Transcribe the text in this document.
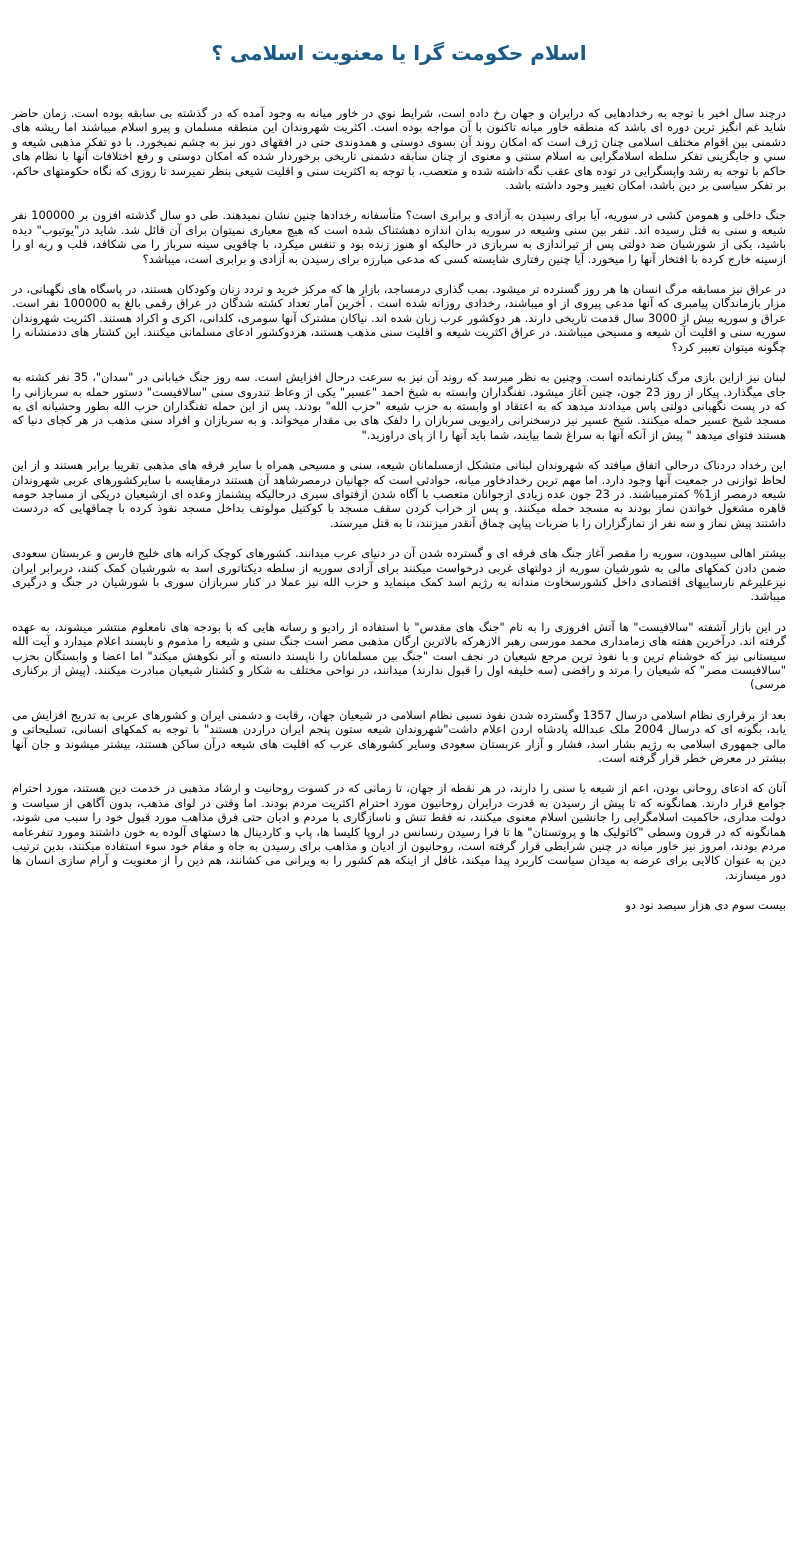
اسلام حکومت گرا یا معنویت اسلامی ؟

درچند سال اخیر با توجه به رخدادهایی که درایران و جهان رخ داده است، شرایط نوي در خاور میانه به وجود آمده که در گذشته بی سابقه بوده است. زمان حاضر شاید غم انگیز ترین دوره ای باشد که منطقه خاور میانه تاکنون با آن مواجه بوده است. اکثریت شهروندان این منطقه مسلمان و پیرو اسلام میباشند اما ریشه های دشمنی بین اقوام مختلف اسلامی چنان ژرف است که امکان روند آن بسوی دوستی و همدوندی حتی در افقهای دور نیز به چشم نمیخورد. با دو تفکر مذهبی شیعه و سني و جایگزینی تفکر سلطه اسلامگرایی به اسلام سنتی و معنوی از چنان سابقه دشمنی تاریخی برخوردار شده که امکان دوستی و رفع اختلافات آنها با نظام های حاکم با توجه به رشد واپسگرایی در توده های عقب نگه داشته شده و متعصب، با توجه به اکثریت سنی و اقلیت شیعی بنظر نمیرسد تا روزی که نگاه حکومتهای حاکم، بر تفکر سیاسی بر دین باشد، امکان تغییر وجود داشته باشد.

جنگ داخلی و همومن کشی در سوریه، آیا برای رسیدن به آزادی و برابری است؟ متأسفانه رخدادها چنین نشان نمیدهند. طی دو سال گذشته افزون بر 100000 نفر شیعه و سنی به قتل رسیده اند. تنفر بین سنی وشیعه در سوریه بدان اندازه دهشتناک شده است که هیچ معیاری نمیتوان برای آن قائل شد. شاید در"یوتیوب" دیده باشید، یکی از شورشیان ضد دولتی پس از تیراندازی به سربازی در حالیکه او هنوز زنده بود و تنفس میکرد، با چاقویی سینه سرباز را می شکافد، قلب و ریه او را ازسینه خارج کرده با افتخار آنها را میخورد. آیا چنین رفتاری شایسته کسی که مدعی مبارزه برای رسیدن به آزادی و برابری است، میباشد؟

در عراق نیز مسابقه مرگ انسان ها هر روز گسترده تر میشود. بمب گذاری درمساجد، بازار ها که مرکز خرید و تردد زنان وکودکان هستند، در پاسگاه های نگهبانی، در مزار بازماندگان پیامبری که آنها مدعی پیروی از او میباشند، رخدادی روزانه شده است . آخرین آمار تعداد کشته شدگان در عراق رقمی بالغ به 100000 نفر است. عراق و سوریه بیش از 3000 سال قدمت تاریخی دارند. هر دوکشور عرب زبان شده اند. نیاکان مشترک آنها سومری، کلدانی، اکری و اکراد هستند. اکثریت شهروندان سوریه سنی و اقلیت آن شیعه و مسیحی میباشند. در عراق اکثریت شیعه و اقلیت سنی مذهب هستند، هردوکشور ادعای مسلمانی میکنند. این کشتار های ددمنشانه را چگونه میتوان تعبیر کرد؟

لبنان نیز ازاین بازی مرگ کنارنمانده است. وچنین به نظر میرسد که روند آن نیز به سرعت درحال افزایش است. سه روز جنگ خیابانی در "سدان"، 35 نفر کشته به جای میگذارد. پیکار از روز 23 جون، چنین آغاز میشود. تفنگداران وابسته به شیخ احمد "عسیر" یکی از وعاظ تندروی سنی "سالافیست" دستور حمله به سربازانی را که در پست نگهبانی دولتی پاس میدادند میدهد که به اعتقاد او وابسته به حزب شیعه "حزب الله" بودند. پس از این حمله تفنگداران حزب الله بطور وحشیانه ای به مسجد شیخ عسیر حمله میکنند. شیخ عسیر نیز درسخنرانی رادیویی سربازان را دلفک های بی مقدار میخواند. و به سربازان و افراد سنی مذهب در هر کجای دنیا که هستند فتوای میدهد " پیش از آنکه آنها به سراغ شما بیایند، شما باید آنها را از پای دراوزید."

این رخداد دردناک درحالی اتفاق میافتد که شهروندان لبنانی متشکل ازمسلمانان شیعه، سنی و مسیحی همراه با سایر فرقه های مذهبی تقریبا برابر هستند و از این لحاظ توازنی در جمعیت آنها وجود دارد. اما مهم ترین رخدادخاور میانه، حوادثی است که جهانیان درمصرشاهد آن هستند درمقایسه با سایرکشورهای عربی شهروندان شیعه درمصر از1% کمترمیباشند. در 23 جون عده زیادی ازجوانان متعصب با آگاه شدن ازفتوای سیری درحالیکه پیشنماز وعده ای ازشیعیان دریکی از مساجد حومه قاهره مشغول خواندن نماز بودند به مسجد حمله میکنند. و پس از خراب کردن سقف مسجد با کوکتیل مولوتف بداخل مسجد نفوذ کرده با چماقهایی که دردست داشتند پیش نماز و سه نفر از نمازگزاران را با ضربات پیاپی چماق آنقدر میزنند، تا به قتل میرسند.

بیشتر اهالی سیبدون، سوریه را مقصر آغاز جنگ های فرقه ای و گسترده شدن آن در دنیای عرب میدانند. کشورهای کوچک کرانه های خلیج فارس و عربستان سعودی ضمن دادن کمکهای مالی به شورشیان سوریه از دولتهای غربی درخواست میکنند برای آزادی سوریه از سلطه دیکتاتوری اسد به شورشیان کمک کنند، دربرابر ایران نیزعلیرغم نارساییهای اقتصادی داخل کشورسخاوت مندانه به رژیم اسد کمک مینماید و حزب الله نیز عملا در کنار سربازان سوری با شورشیان در جنگ و درگیری میباشد.

در این بازار آشفته "سالافیست" ها آتش افروزی را به نام "جنگ های مقدس" با استفاده از رادیو و رسانه هایی که با بودجه های نامعلوم منتشر میشوند، به عهده گرفته اند. درآخرین هفته های زمامداری محمد مورسی رهبر الازهرکه بالاترین ارگان مذهبی مصر است جنگ سنی و شیعه را مذموم و ناپسند اعلام میدارد و آیت الله سیستانی نیز که خوشنام ترین و با نفوذ ترین مرجع شیعیان در نجف است "جنگ بین مسلمانان را ناپسند دانسته و آنر نکوهش میکند" اما اعضا و وابستگان بحزب "سالافیست مصر" که شیعیان را مرتد و رافضی (سه خلیفه اول را قبول ندارند) میدانند، در نواحی مختلف به شکار و کشتار شیعیان مبادرت میکنند. (پیش از برکناری مرسی)

بعد از برقراری نظام اسلامی درسال 1357 وگسترده شدن نفوذ نسبی نظام اسلامی در شیعیان جهان، رقابت و دشمنی ایران و کشورهای عربی به تدریج افزایش می یابد، بگونه ای که درسال 2004 ملک عبدالله پادشاه اردن اعلام داشت"شهروندان شیعه ستون پنجم ایران دراردن هستند" با توجه به کمکهای انسانی، تسلیحاتی و مالی جمهوری اسلامی به رژیم بشار اسد، فشار و آزار عربستان سعودی وسایر کشورهای عرب که اقلیت های شیعه درآن ساکن هستند، بیشتر میشوند و جان آنها بیشتر در معرض خطر قرار گرفته است.

آنان که ادعای روحانی بودن، اعم از شیعه یا سنی را دارند، در هر نقطه از جهان، تا زمانی که در کسوت روحانیت و ارشاد مذهبی در خدمت دین هستند، مورد احترام جوامع قرار دارند. همانگونه که تا پیش از رسیدن به قدرت درایران روحانیون مورد احترام اکثریت مردم بودند. اما وقتی در لوای مذهب، بدون آگاهی از سیاست و دولت مداری، حاکمیت اسلامگرایی را جانشین اسلام معنوی میکنند، نه فقط تنش و ناسازگاری با مردم و ادیان حتی فرق مذاهب مورد قبول خود را سبب می شوند، همانگونه که در قرون وسطی "کاتولیک ها و پروتستان" ها تا فرا رسیدن رنسانس در اروپا کلیسا ها، پاپ و کاردینال ها دستهای آلوده به خون داشتند ومورد تنفرعامه مردم بودند، امروز نیز خاور میانه در چنین شرایطی قرار گرفته است، روحانیون از ادیان و مذاهب برای رسیدن به جاه و مقام خود سوء استفاده میکنند، بدین ترتیب دین به عنوان کالایی برای عرضه به میدان سیاست کاربرد پیدا میکند، غافل از اینکه هم کشور را به ویرانی می کشانند، هم دین را از معنویت و آرام سازی انسان ها دور میسازند.

بیست سوم دی هزار سیصد نود دو
